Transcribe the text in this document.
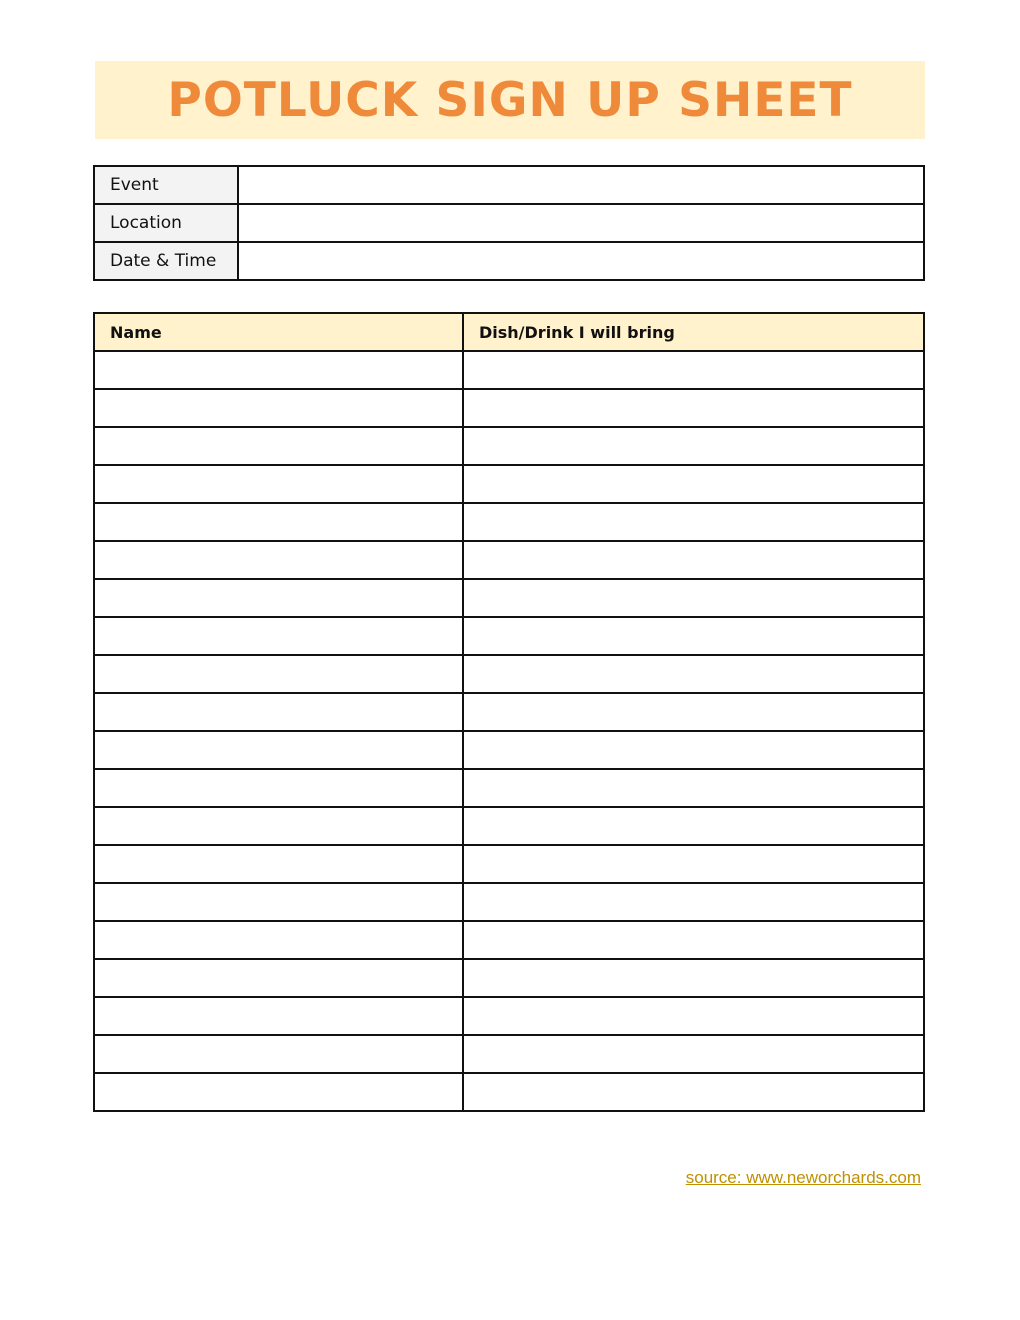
POTLUCK SIGN UP SHEET
Event	
Location	
Date & Time	
Name	Dish/Drink I will bring

source: www.neworchards.com
